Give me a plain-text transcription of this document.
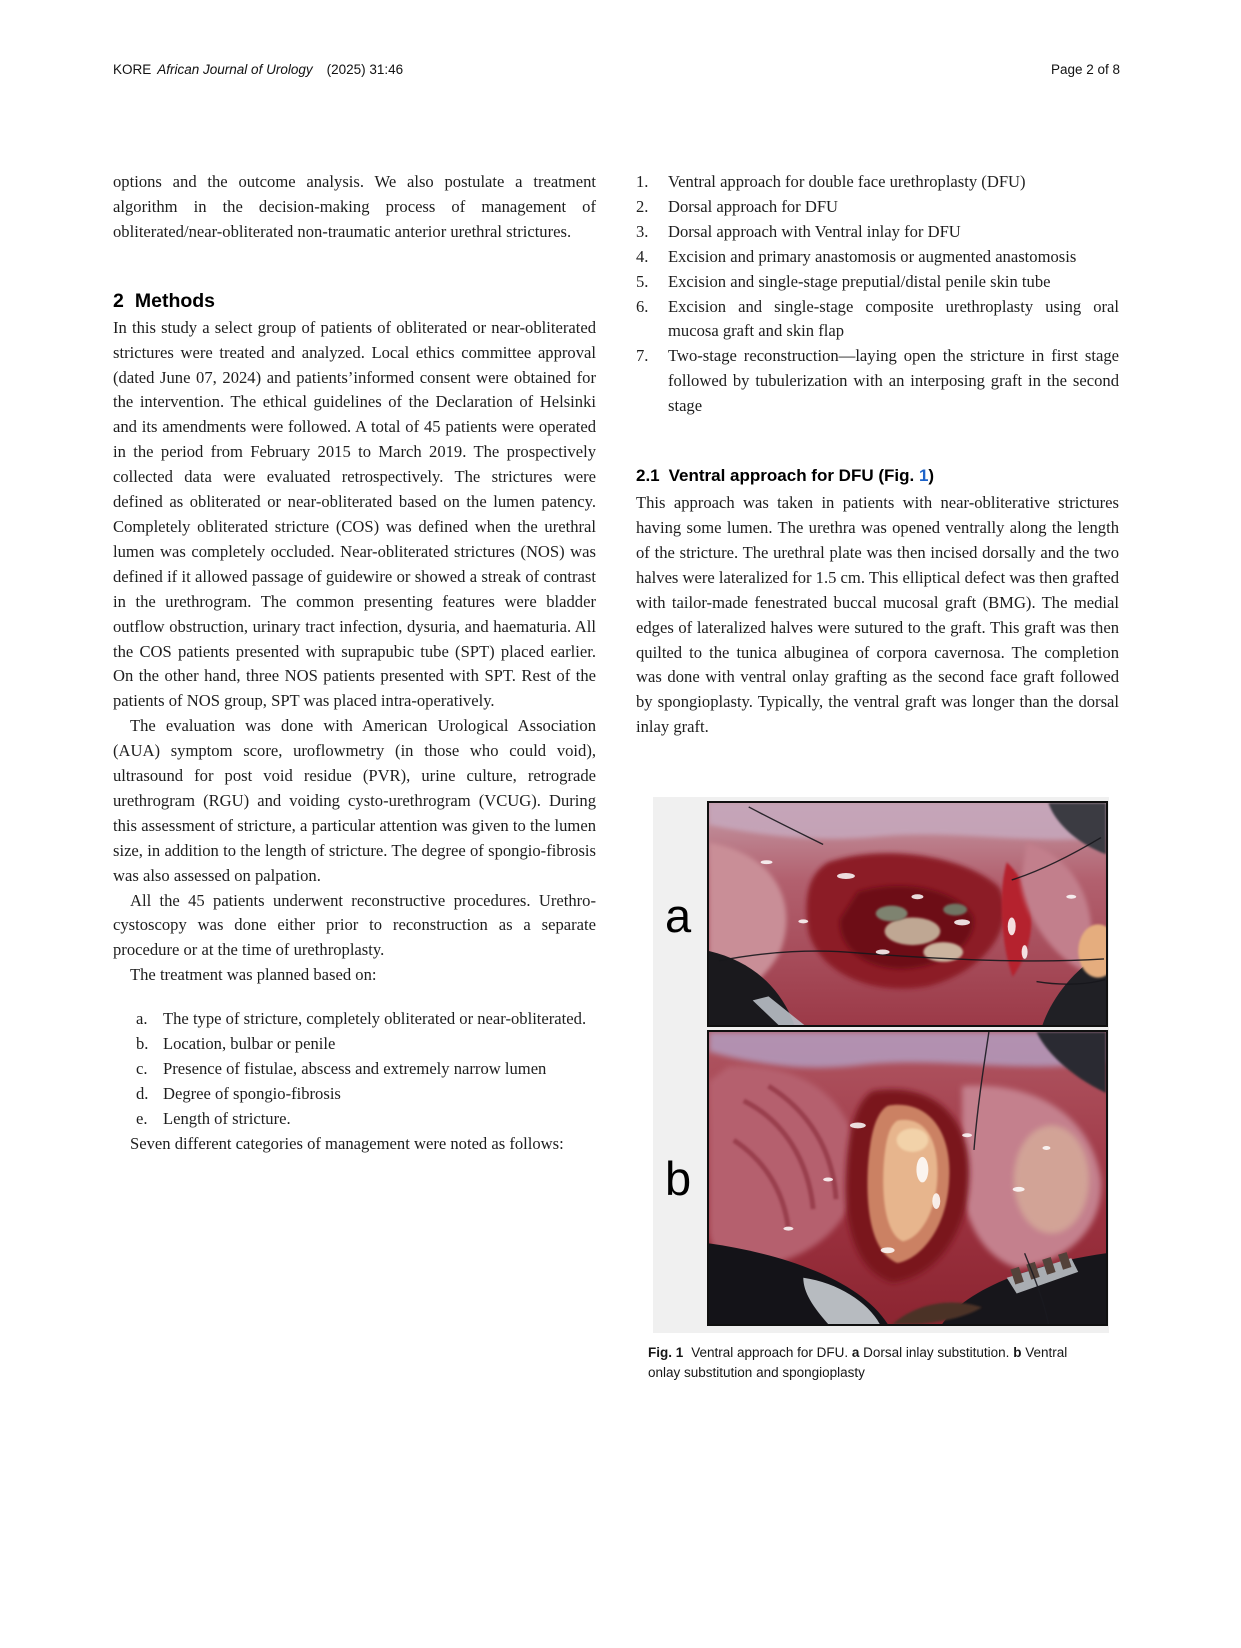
KORE African Journal of Urology (2025) 31:46	Page 2 of 8

options and the outcome analysis. We also postulate a treatment algorithm in the decision-making process of management of obliterated/near-obliterated non-traumatic anterior urethral strictures.

2 Methods

In this study a select group of patients of obliterated or near-obliterated strictures were treated and analyzed. Local ethics committee approval (dated June 07, 2024) and patients’informed consent were obtained for the intervention. The ethical guidelines of the Declaration of Helsinki and its amendments were followed. A total of 45 patients were operated in the period from February 2015 to March 2019. The prospectively collected data were evaluated retrospectively. The strictures were defined as obliterated or near-obliterated based on the lumen patency. Completely obliterated stricture (COS) was defined when the urethral lumen was completely occluded. Near-obliterated strictures (NOS) was defined if it allowed passage of guidewire or showed a streak of contrast in the urethrogram. The common presenting features were bladder outflow obstruction, urinary tract infection, dysuria, and haematuria. All the COS patients presented with suprapubic tube (SPT) placed earlier. On the other hand, three NOS patients presented with SPT. Rest of the patients of NOS group, SPT was placed intra-operatively.

The evaluation was done with American Urological Association (AUA) symptom score, uroflowmetry (in those who could void), ultrasound for post void residue (PVR), urine culture, retrograde urethrogram (RGU) and voiding cysto-urethrogram (VCUG). During this assessment of stricture, a particular attention was given to the lumen size, in addition to the length of stricture. The degree of spongio-fibrosis was also assessed on palpation.

All the 45 patients underwent reconstructive procedures. Urethro-cystoscopy was done either prior to reconstruction as a separate procedure or at the time of urethroplasty.

The treatment was planned based on:

a. The type of stricture, completely obliterated or near-obliterated.
b. Location, bulbar or penile
c. Presence of fistulae, abscess and extremely narrow lumen
d. Degree of spongio-fibrosis
e. Length of stricture.

Seven different categories of management were noted as follows:

1.	Ventral approach for double face urethroplasty (DFU)
2.	Dorsal approach for DFU
3.	Dorsal approach with Ventral inlay for DFU
4.	Excision and primary anastomosis or augmented anastomosis
5.	Excision and single-stage preputial/distal penile skin tube
6.	Excision and single-stage composite urethroplasty using oral mucosa graft and skin flap
7.	Two-stage reconstruction—laying open the stricture in first stage followed by tubulerization with an interposing graft in the second stage
2.1 Ventral approach for DFU (Fig. 1)

This approach was taken in patients with near-obliterative strictures having some lumen. The urethra was opened ventrally along the length of the stricture. The urethral plate was then incised dorsally and the two halves were lateralized for 1.5 cm. This elliptical defect was then grafted with tailor-made fenestrated buccal mucosal graft (BMG). The medial edges of lateralized halves were sutured to the graft. This graft was then quilted to the tunica albuginea of corpora cavernosa. The completion was done with ventral onlay grafting as the second face graft followed by spongioplasty. Typically, the ventral graft was longer than the dorsal inlay graft.

a
b
Fig. 1 Ventral approach for DFU. a Dorsal inlay substitution. b Ventral onlay substitution and spongioplasty
